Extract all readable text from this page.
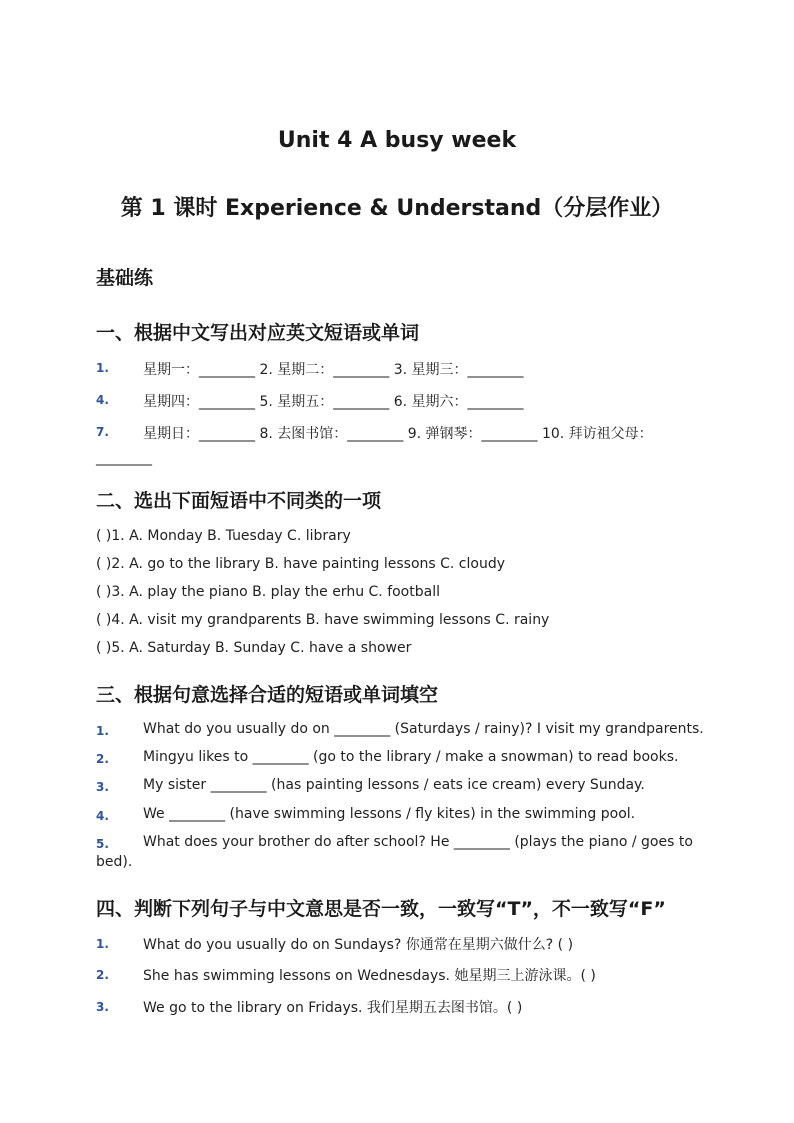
Unit 4 A busy week
第 1 课时 Experience & Understand（分层作业）
基础练
一、根据中文写出对应英文短语或单词
1. 星期一：________ 2. 星期二：________ 3. 星期三：________
4. 星期四：________ 5. 星期五：________ 6. 星期六：________
7. 星期日：________ 8. 去图书馆：________ 9. 弹钢琴：________ 10. 拜访祖父母：
________
二、选出下面短语中不同类的一项
( )1. A. Monday B. Tuesday C. library
( )2. A. go to the library B. have painting lessons C. cloudy
( )3. A. play the piano B. play the erhu C. football
( )4. A. visit my grandparents B. have swimming lessons C. rainy
( )5. A. Saturday B. Sunday C. have a shower
三、根据句意选择合适的短语或单词填空
1. What do you usually do on ________ (Saturdays / rainy)? I visit my grandparents.
2. Mingyu likes to ________ (go to the library / make a snowman) to read books.
3. My sister ________ (has painting lessons / eats ice cream) every Sunday.
4. We ________ (have swimming lessons / fly kites) in the swimming pool.
5. What does your brother do after school? He ________ (plays the piano / goes to
bed).
四、判断下列句子与中文意思是否一致，一致写“T”，不一致写“F”
1. What do you usually do on Sundays? 你通常在星期六做什么? ( )
2. She has swimming lessons on Wednesdays. 她星期三上游泳课。( )
3. We go to the library on Fridays. 我们星期五去图书馆。( )
